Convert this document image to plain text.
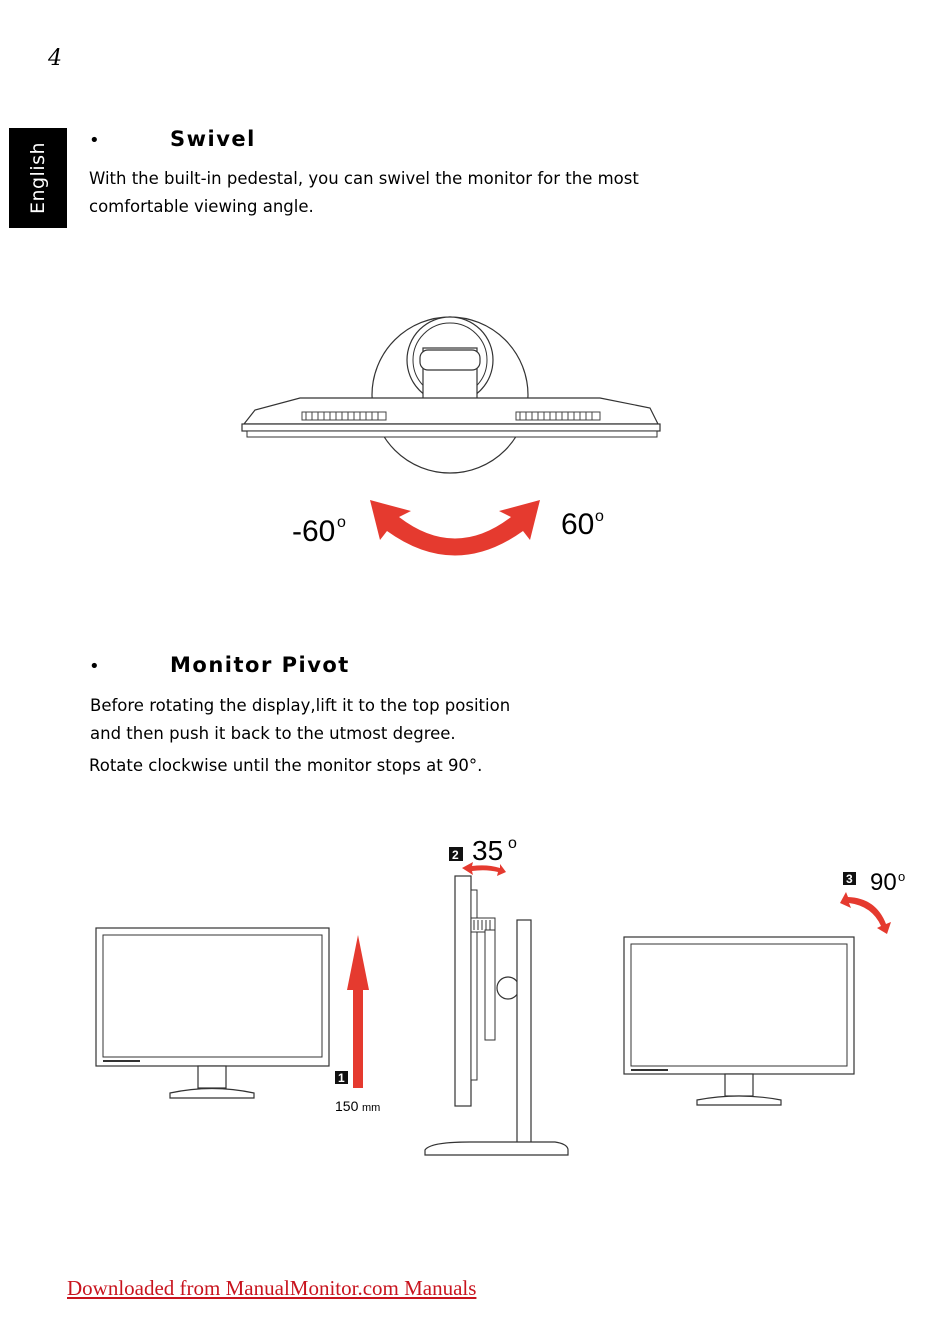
4
English
•	Swivel

With the built-in pedestal, you can swivel the monitor for the most
comfortable viewing angle.

-60 o	60 o
•	Monitor Pivot

Before rotating the display,lift it to the top position
and then push it back to the utmost degree.

Rotate clockwise until the monitor stops at 90°.

1
150 mm
2 35 o
3 90 o
Downloaded from ManualMonitor.com Manuals
